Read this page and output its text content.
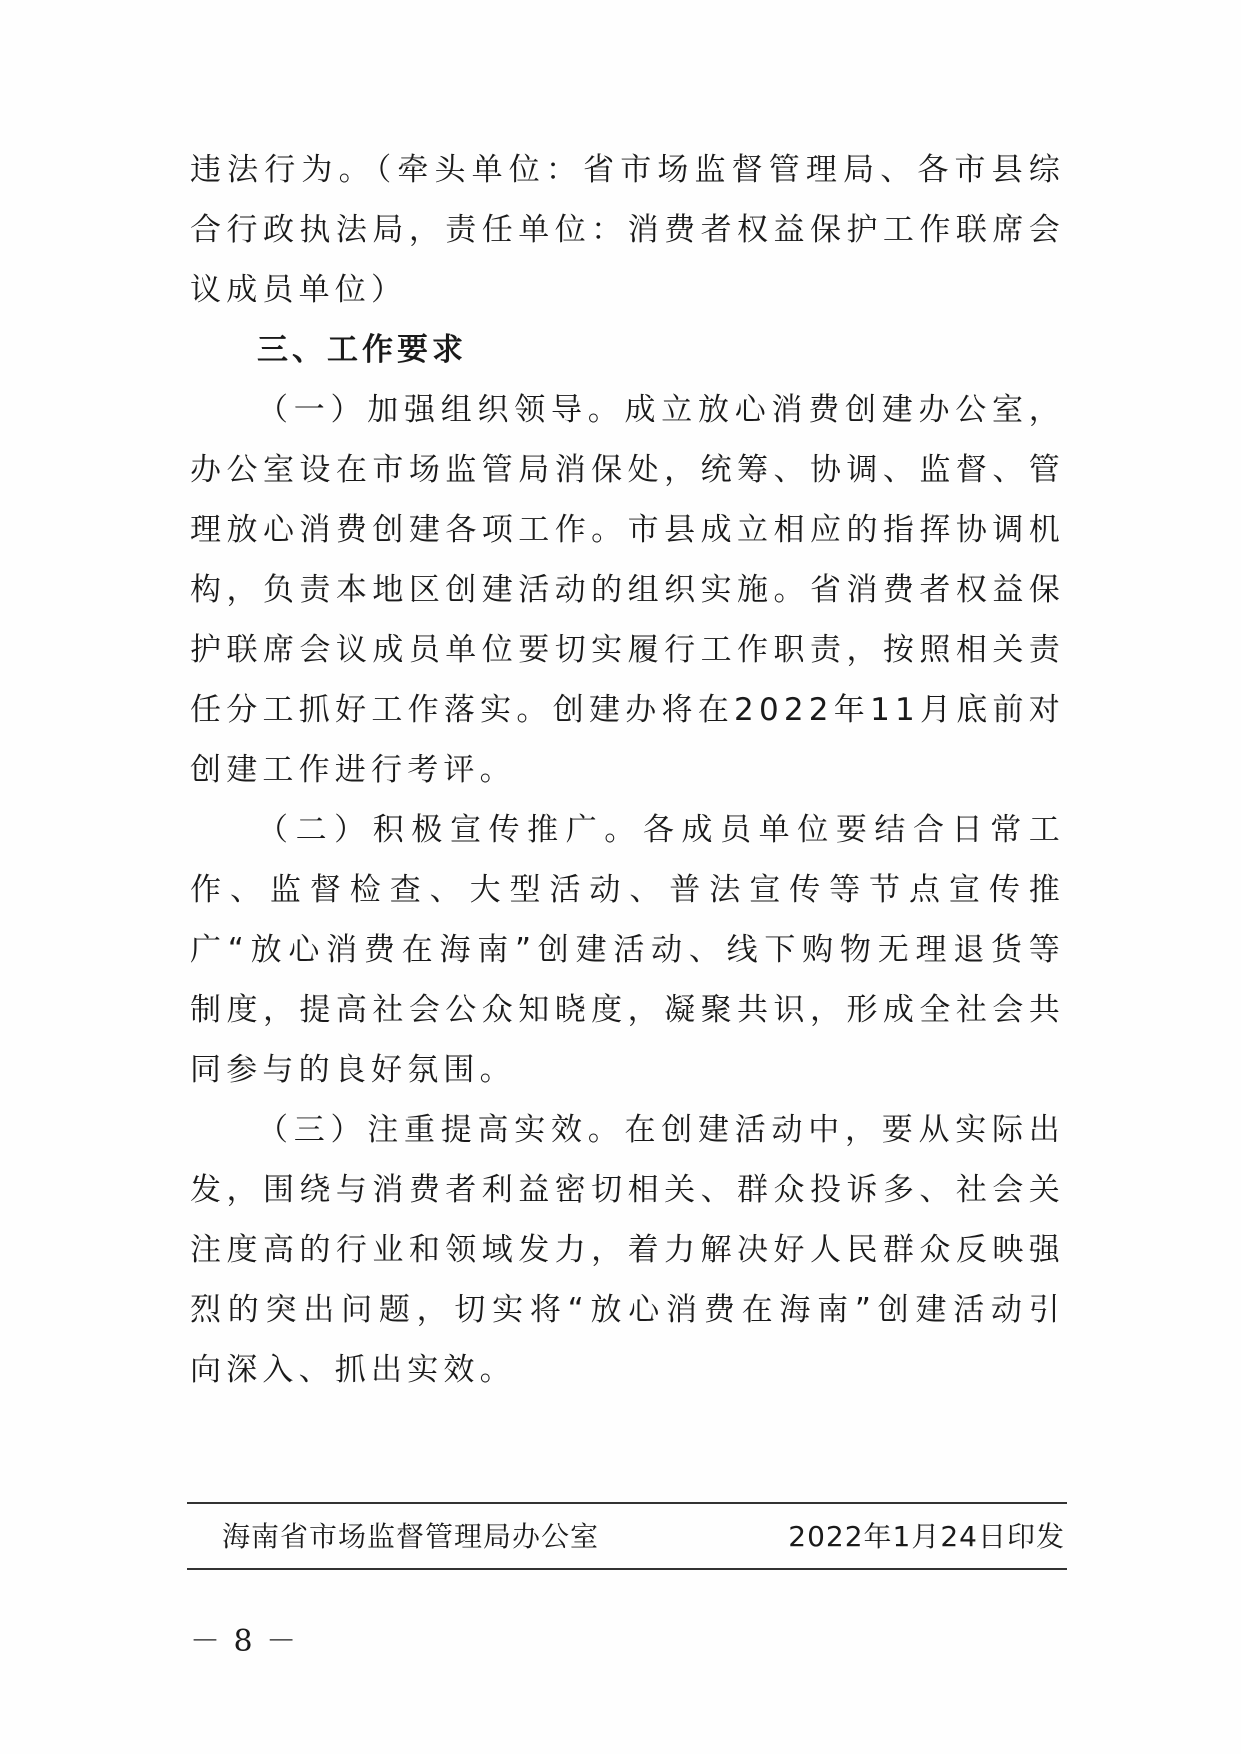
违法行为。（牵头单位：省市场监督管理局、各市县综合行政执法局，责任单位：消费者权益保护工作联席会议成员单位）

三、工作要求

（一）加强组织领导。成立放心消费创建办公室，办公室设在市场监管局消保处，统筹、协调、监督、管理放心消费创建各项工作。市县成立相应的指挥协调机构，负责本地区创建活动的组织实施。省消费者权益保护联席会议成员单位要切实履行工作职责，按照相关责任分工抓好工作落实。创建办将在2022年11月底前对创建工作进行考评。

（二）积极宣传推广。各成员单位要结合日常工作、监督检查、大型活动、普法宣传等节点宣传推广“放心消费在海南”创建活动、线下购物无理退货等制度，提高社会公众知晓度，凝聚共识，形成全社会共同参与的良好氛围。

（三）注重提高实效。在创建活动中，要从实际出发，围绕与消费者利益密切相关、群众投诉多、社会关注度高的行业和领域发力，着力解决好人民群众反映强烈的突出问题，切实将“放心消费在海南”创建活动引向深入、抓出实效。

海南省市场监督管理局办公室	2022年1月24日印发
－ 8 －
